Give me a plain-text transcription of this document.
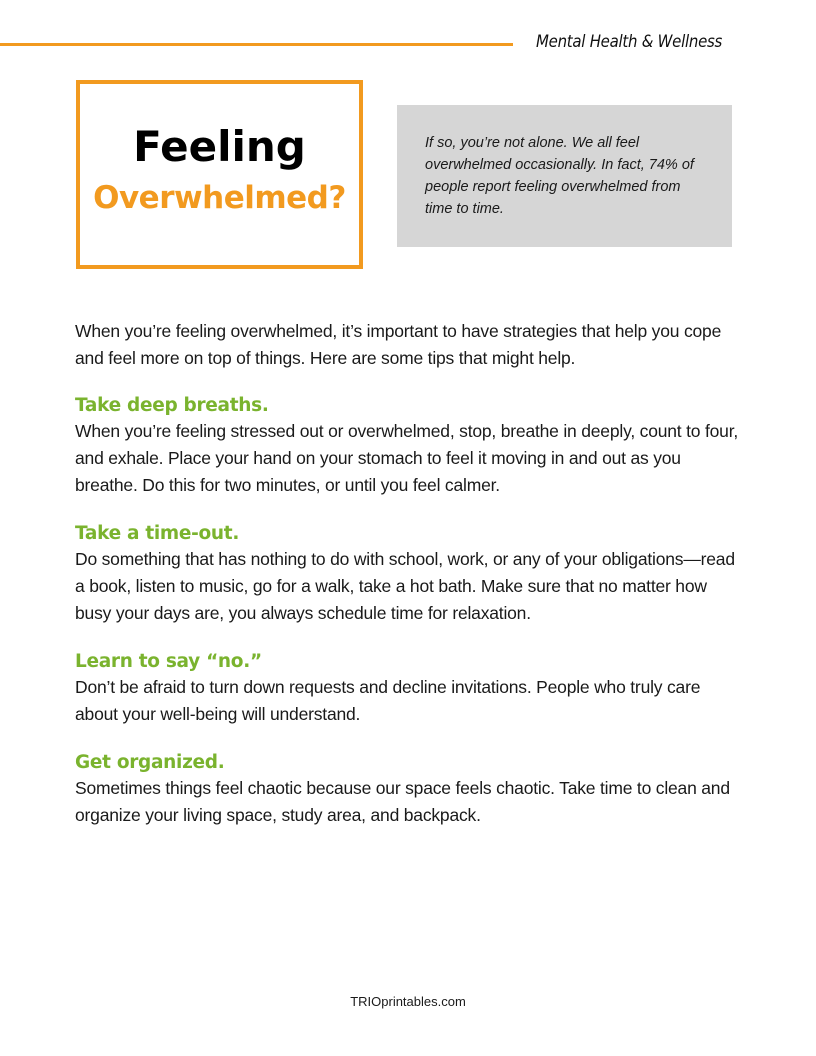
Mental Health & Wellness
Feeling
Overwhelmed?
If so, you’re not alone. We all feel overwhelmed occasionally. In fact, 74% of people report feeling overwhelmed from time to time.

When you’re feeling overwhelmed, it’s important to have strategies that help you cope and feel more on top of things. Here are some tips that might help.

Take deep breaths.

When you’re feeling stressed out or overwhelmed, stop, breathe in deeply, count to four, and exhale. Place your hand on your stomach to feel it moving in and out as you breathe. Do this for two minutes, or until you feel calmer.

Take a time-out.

Do something that has nothing to do with school, work, or any of your obligations—read a book, listen to music, go for a walk, take a hot bath. Make sure that no matter how busy your days are, you always schedule time for relaxation.

Learn to say “no.”

Don’t be afraid to turn down requests and decline invitations. People who truly care about your well-being will understand.

Get organized.

Sometimes things feel chaotic because our space feels chaotic. Take time to clean and organize your living space, study area, and backpack.

TRIOprintables.com
